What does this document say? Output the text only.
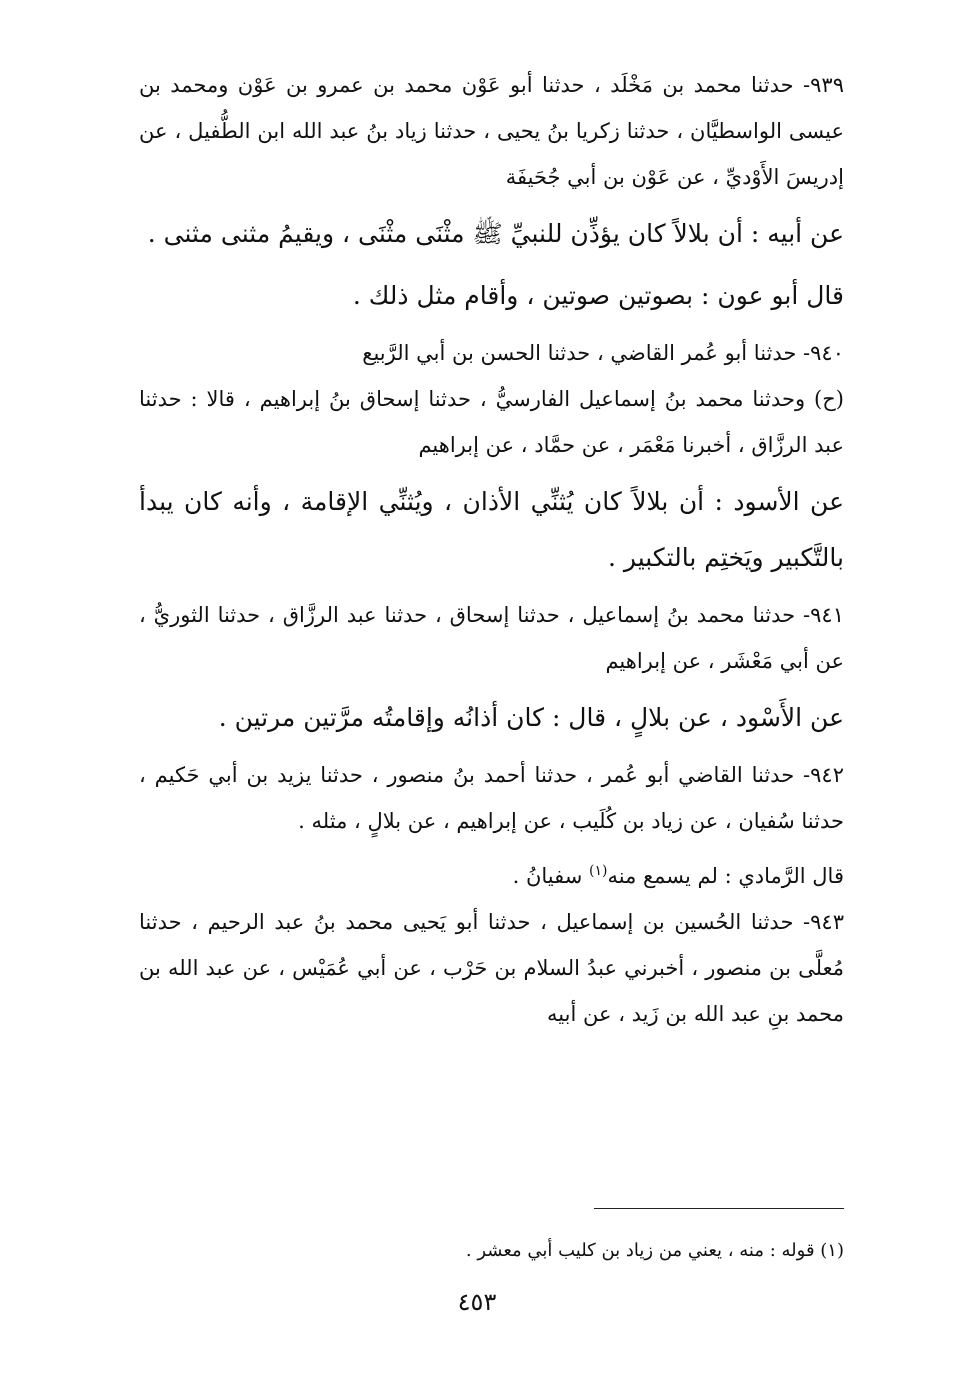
٩٣٩- حدثنا محمد بن مَخْلَد ، حدثنا أبو عَوْن محمد بن عمرو بن عَوْن ومحمد بن عيسى الواسطيَّان ، حدثنا زكريا بنُ يحيى ، حدثنا زياد بنُ عبد الله ابن الطُّفيل ، عن إدريسَ الأَوْديِّ ، عن عَوْن بن أبي جُحَيفَة

عن أبيه : أن بلالاً كان يؤذِّن للنبيِّ ﷺ مثْنَى مثْنَى ، ويقيمُ مثنى مثنى .

قال أبو عون : بصوتين صوتين ، وأقام مثل ذلك .

٩٤٠- حدثنا أبو عُمر القاضي ، حدثنا الحسن بن أبي الرَّبيع

(ح) وحدثنا محمد بنُ إسماعيل الفارسيُّ ، حدثنا إسحاق بنُ إبراهيم ، قالا : حدثنا عبد الرزَّاق ، أخبرنا مَعْمَر ، عن حمَّاد ، عن إبراهيم

عن الأسود : أن بلالاً كان يُثنِّي الأذان ، ويُثنِّي الإقامة ، وأنه كان يبدأ بالتَّكبير ويَختِم بالتكبير .

٩٤١- حدثنا محمد بنُ إسماعيل ، حدثنا إسحاق ، حدثنا عبد الرزَّاق ، حدثنا الثوريُّ ، عن أبي مَعْشَر ، عن إبراهيم

عن الأَسْود ، عن بلالٍ ، قال : كان أذانُه وإقامتُه مرَّتين مرتين .

٩٤٢- حدثنا القاضي أبو عُمر ، حدثنا أحمد بنُ منصور ، حدثنا يزيد بن أبي حَكيم ، حدثنا سُفيان ، عن زياد بن كُلَيب ، عن إبراهيم ، عن بلالٍ ، مثله .

قال الرَّمادي : لم يسمع منه$^{(١)}$ سفيانُ .

٩٤٣- حدثنا الحُسين بن إسماعيل ، حدثنا أبو يَحيى محمد بنُ عبد الرحيم ، حدثنا مُعلَّى بن منصور ، أخبرني عبدُ السلام بن حَرْب ، عن أبي عُمَيْس ، عن عبد الله بن محمد بنِ عبد الله بن زَيد ، عن أبيه

(١) قوله : منه ، يعني من زياد بن كليب أبي معشر .

٤٥٣
